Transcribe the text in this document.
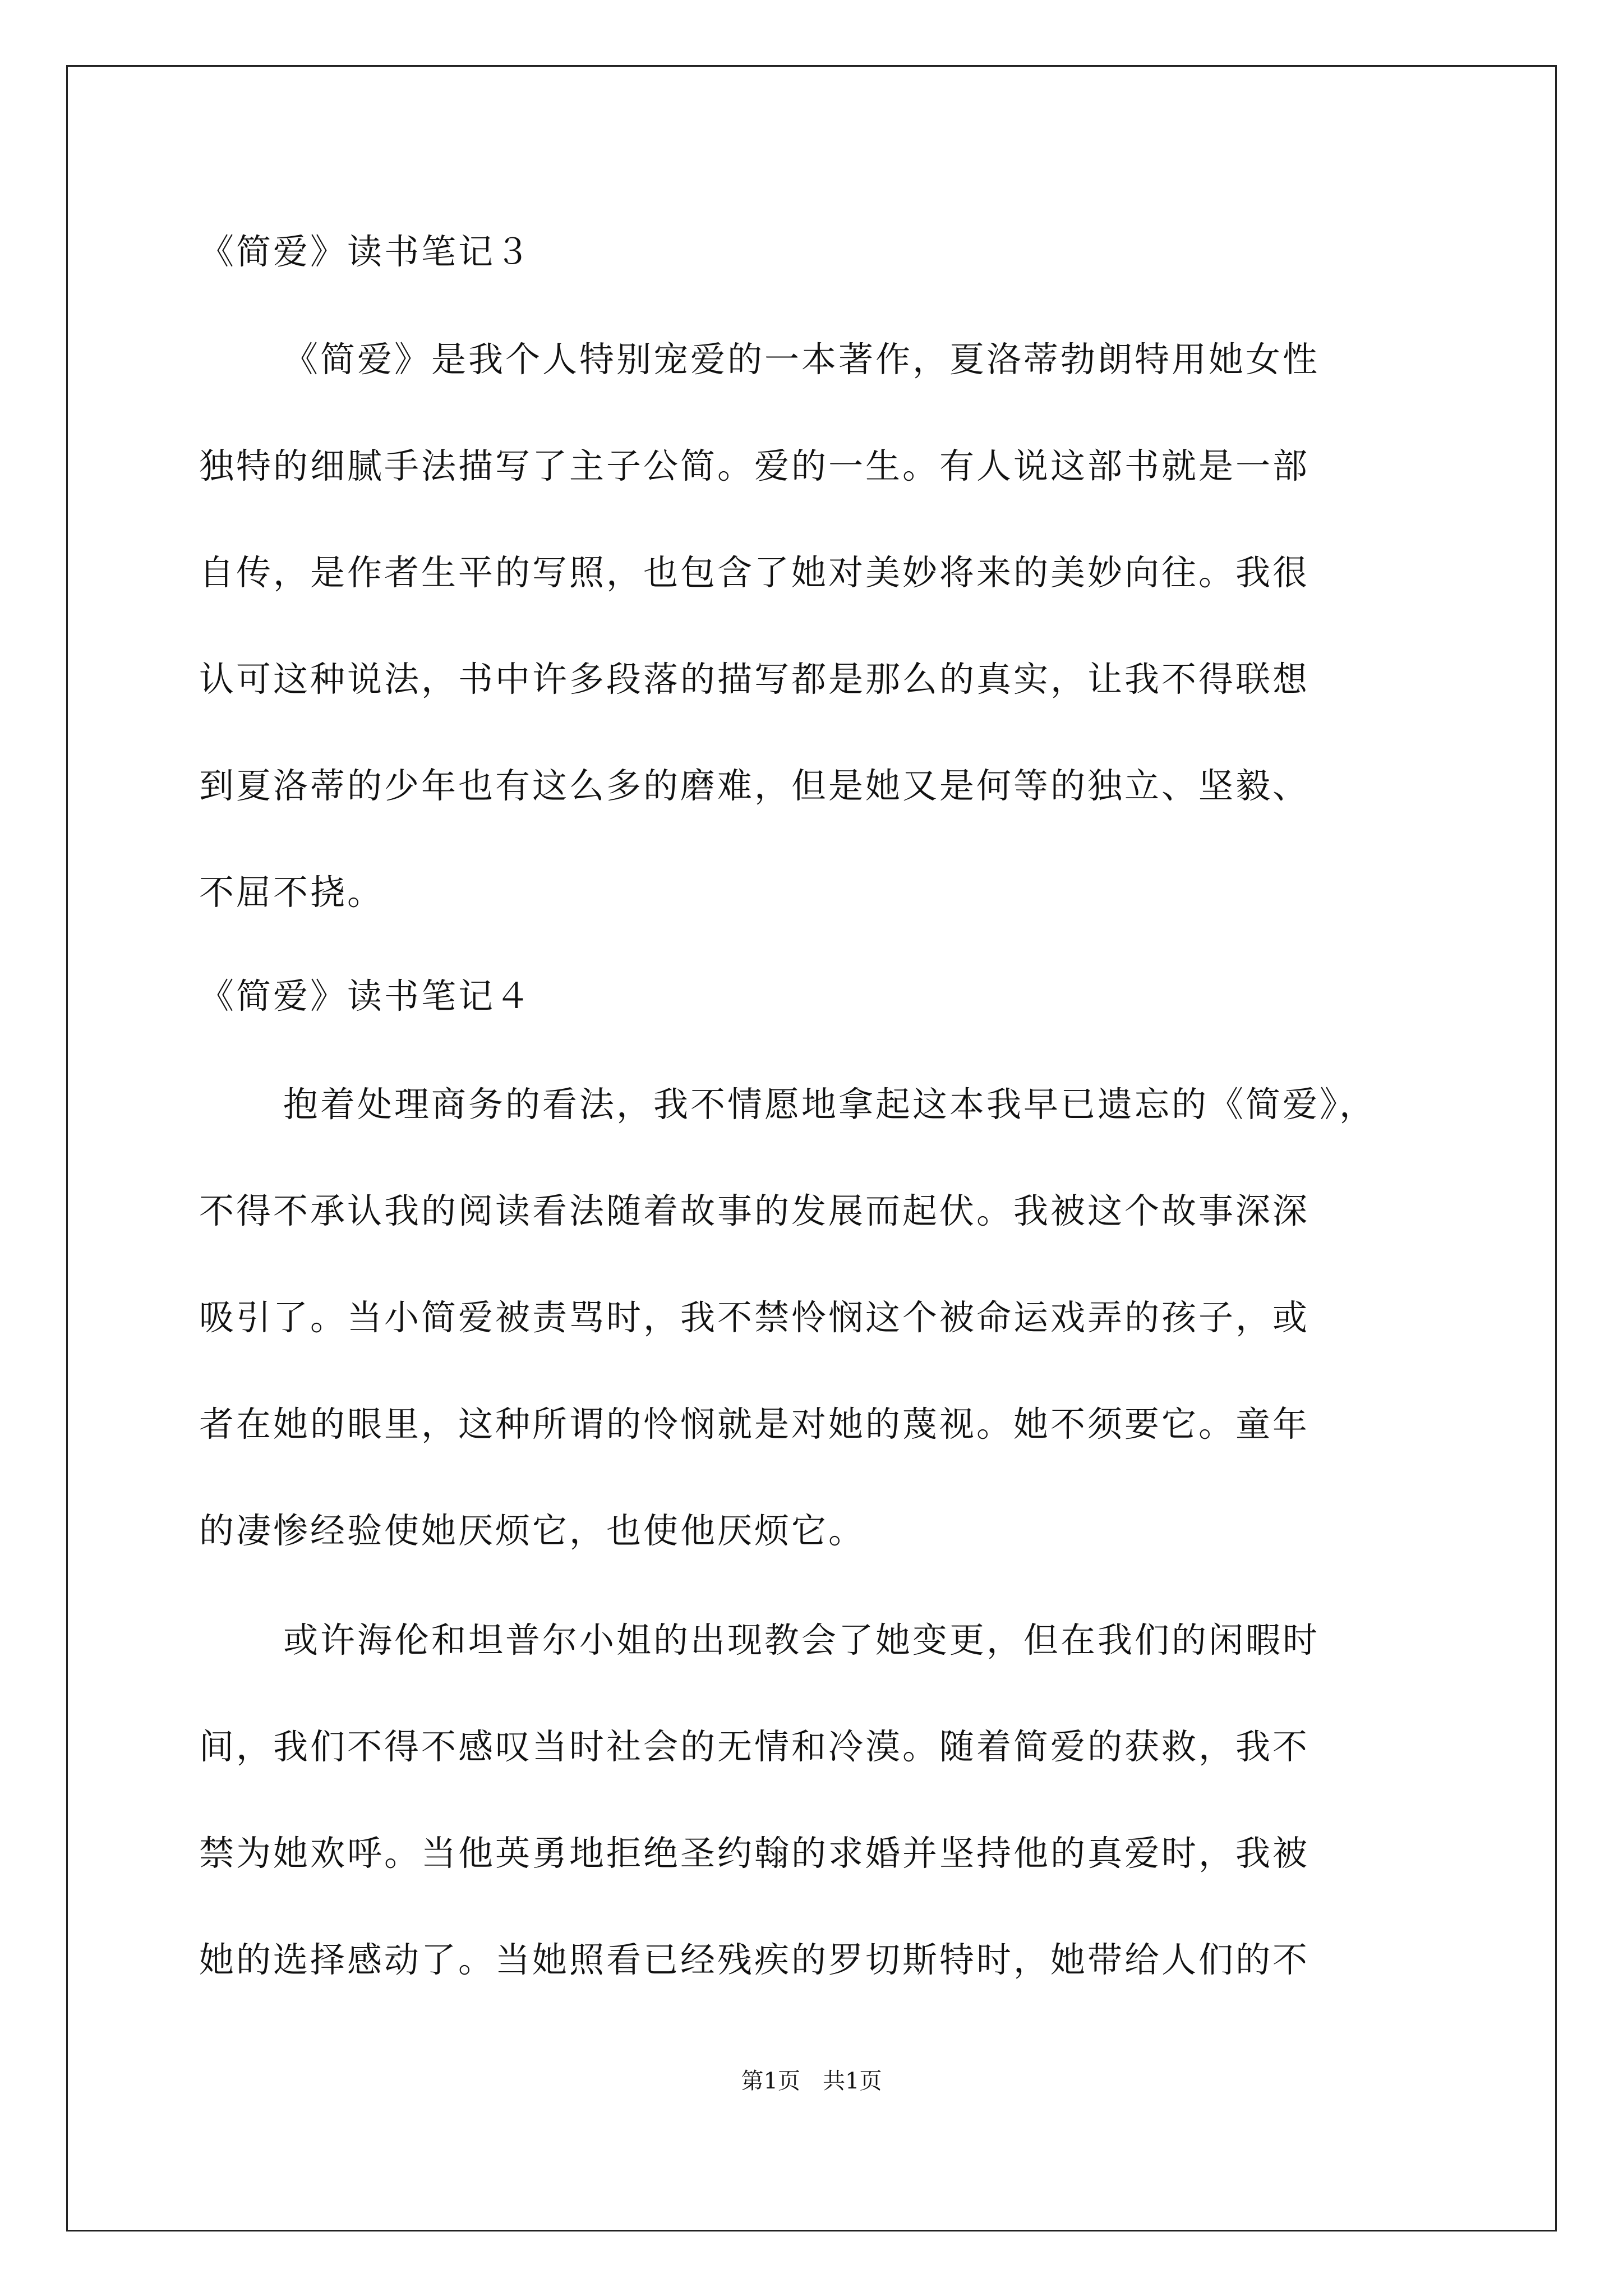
《简爱》读书笔记３
《简爱》是我个人特别宠爱的一本著作，夏洛蒂勃朗特用她女性
独特的细腻手法描写了主子公简。爱的一生。有人说这部书就是一部
自传，是作者生平的写照，也包含了她对美妙将来的美妙向往。我很
认可这种说法，书中许多段落的描写都是那么的真实，让我不得联想
到夏洛蒂的少年也有这么多的磨难，但是她又是何等的独立、坚毅、
不屈不挠。
《简爱》读书笔记４
抱着处理商务的看法，我不情愿地拿起这本我早已遗忘的《简爱》，
不得不承认我的阅读看法随着故事的发展而起伏。我被这个故事深深
吸引了。当小简爱被责骂时，我不禁怜悯这个被命运戏弄的孩子，或
者在她的眼里，这种所谓的怜悯就是对她的蔑视。她不须要它。童年
的凄惨经验使她厌烦它，也使他厌烦它。
或许海伦和坦普尔小姐的出现教会了她变更，但在我们的闲暇时
间，我们不得不感叹当时社会的无情和冷漠。随着简爱的获救，我不
禁为她欢呼。当他英勇地拒绝圣约翰的求婚并坚持他的真爱时，我被
她的选择感动了。当她照看已经残疾的罗切斯特时，她带给人们的不
第1页　共1页
